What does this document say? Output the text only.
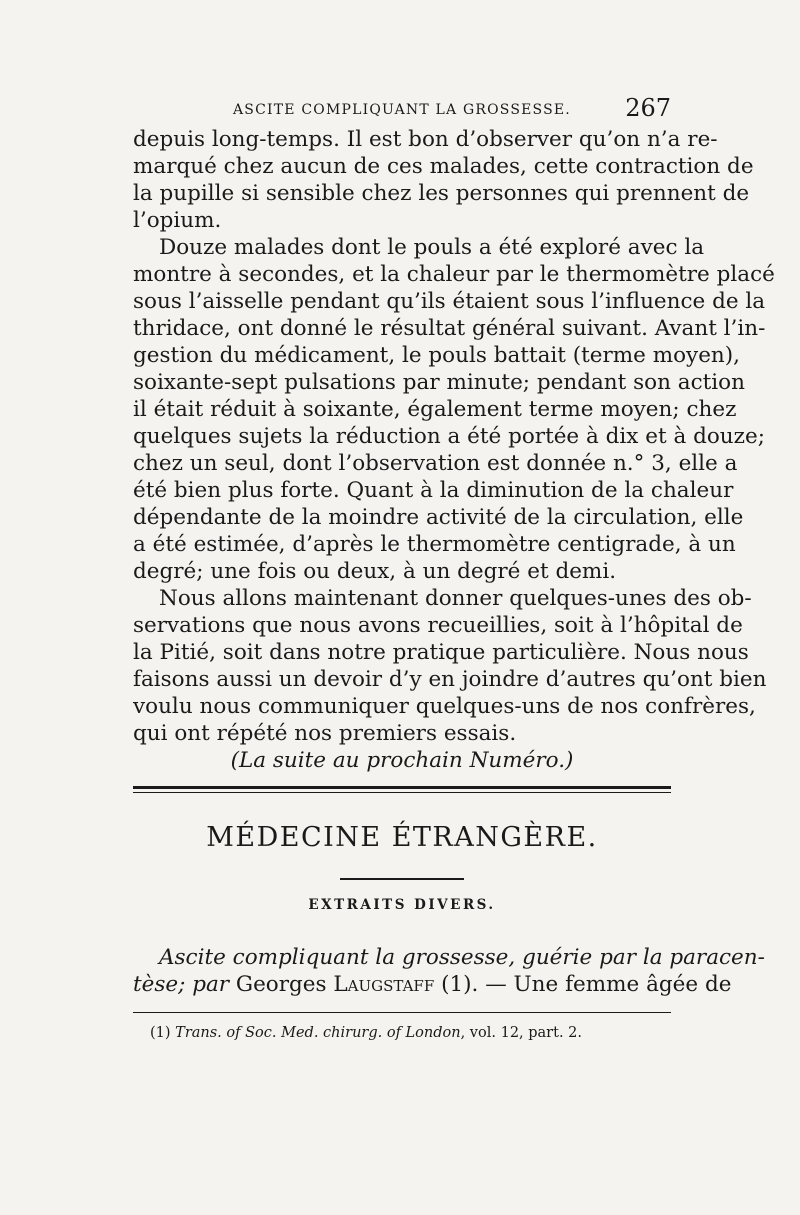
ASCITE COMPLIQUANT LA GROSSESSE. 267
depuis long-temps. Il est bon d’observer qu’on n’a re-
marqué chez aucun de ces malades, cette contraction de
la pupille si sensible chez les personnes qui prennent de
l’opium.
Douze malades dont le pouls a été exploré avec la
montre à secondes, et la chaleur par le thermomètre placé
sous l’aisselle pendant qu’ils étaient sous l’influence de la
thridace, ont donné le résultat général suivant. Avant l’in-
gestion du médicament, le pouls battait (terme moyen),
soixante-sept pulsations par minute; pendant son action
il était réduit à soixante, également terme moyen; chez
quelques sujets la réduction a été portée à dix et à douze;
chez un seul, dont l’observation est donnée n.° 3, elle a
été bien plus forte. Quant à la diminution de la chaleur
dépendante de la moindre activité de la circulation, elle
a été estimée, d’après le thermomètre centigrade, à un
degré; une fois ou deux, à un degré et demi.
Nous allons maintenant donner quelques-unes des ob-
servations que nous avons recueillies, soit à l’hôpital de
la Pitié, soit dans notre pratique particulière. Nous nous
faisons aussi un devoir d’y en joindre d’autres qu’ont bien
voulu nous communiquer quelques-uns de nos confrères,
qui ont répété nos premiers essais.
(La suite au prochain Numéro.)
MÉDECINE ÉTRANGÈRE.
EXTRAITS DIVERS.
Ascite compliquant la grossesse, guérie par la paracen-
tèse; par Georges Laugstaff (1). — Une femme âgée de
(1) Trans. of Soc. Med. chirurg. of London, vol. 12, part. 2.
